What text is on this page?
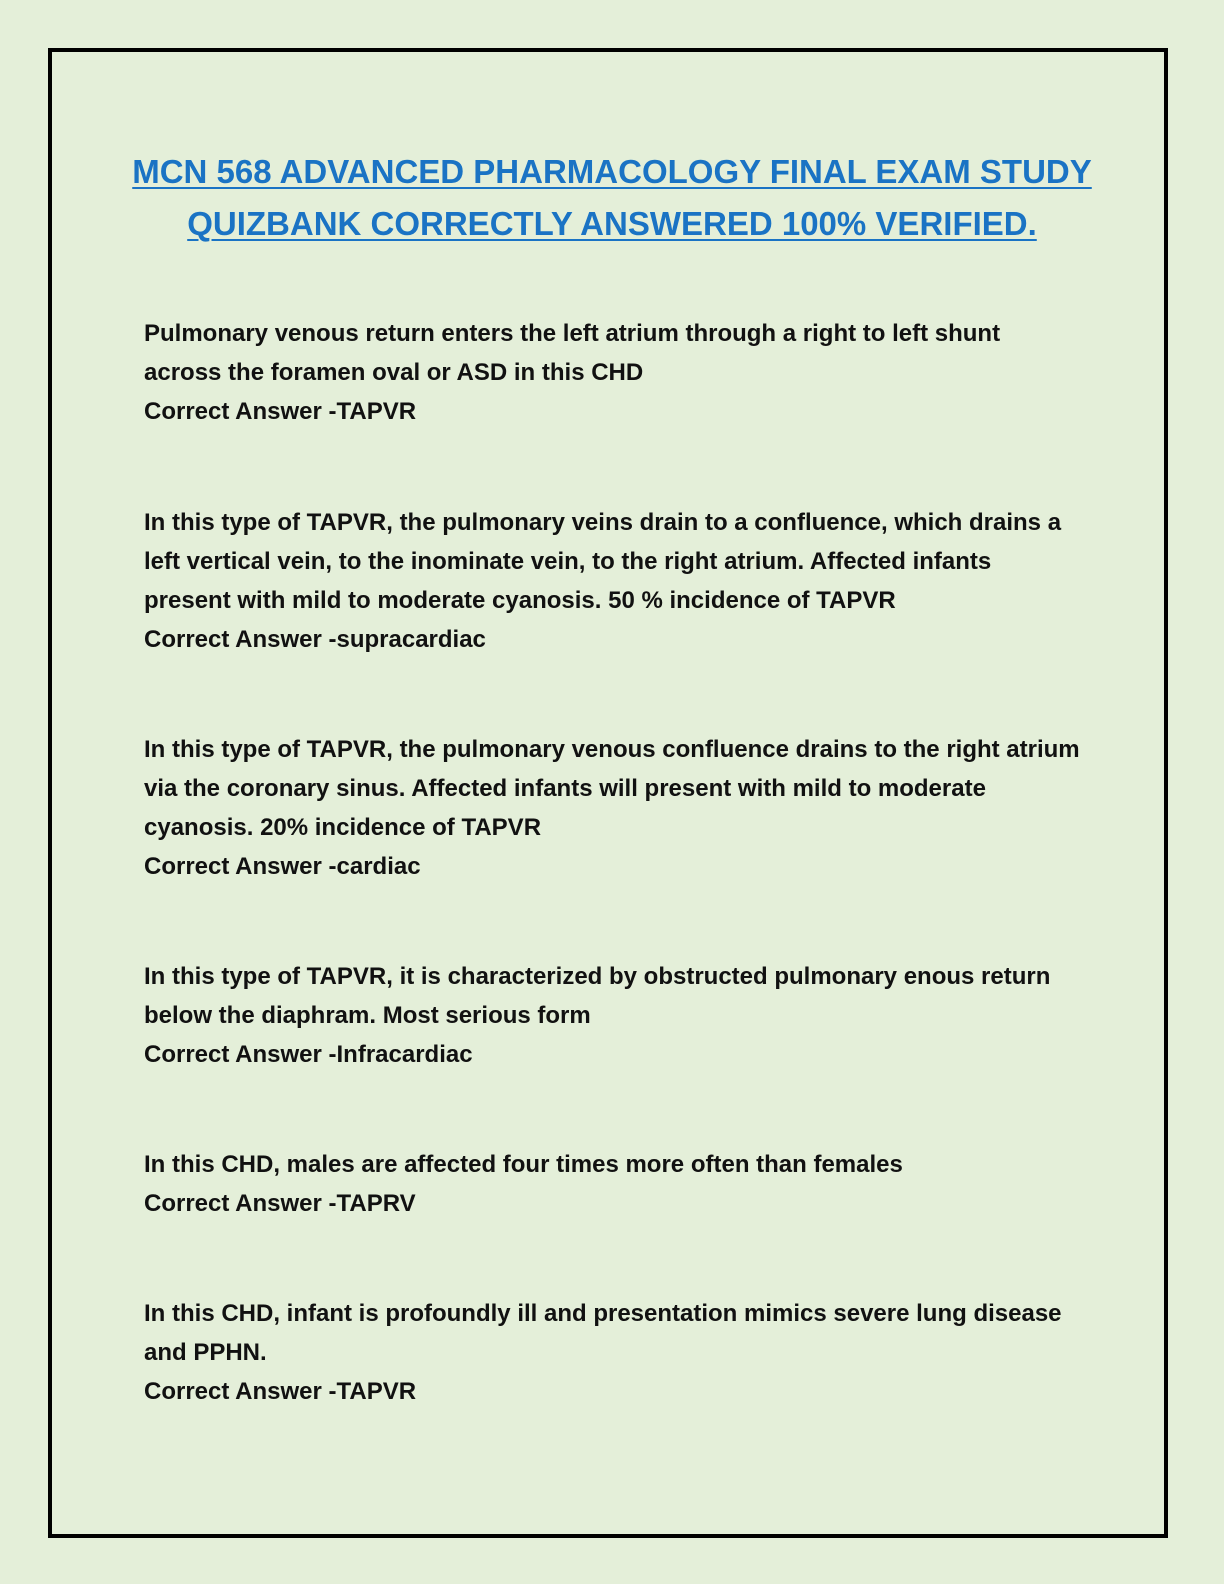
MCN 568 ADVANCED PHARMACOLOGY FINAL EXAM STUDY QUIZBANK CORRECTLY ANSWERED 100% VERIFIED.

Pulmonary venous return enters the left atrium through a right to left shunt across the foramen oval or ASD in this CHD

Correct Answer -TAPVR

In this type of TAPVR, the pulmonary veins drain to a confluence, which drains a left vertical vein, to the inominate vein, to the right atrium. Affected infants present with mild to moderate cyanosis. 50 % incidence of TAPVR

Correct Answer -supracardiac

In this type of TAPVR, the pulmonary venous confluence drains to the right atrium via the coronary sinus. Affected infants will present with mild to moderate cyanosis. 20% incidence of TAPVR

Correct Answer -cardiac

In this type of TAPVR, it is characterized by obstructed pulmonary enous return below the diaphram. Most serious form

Correct Answer -Infracardiac

In this CHD, males are affected four times more often than females

Correct Answer -TAPRV

In this CHD, infant is profoundly ill and presentation mimics severe lung disease and PPHN.

Correct Answer -TAPVR
